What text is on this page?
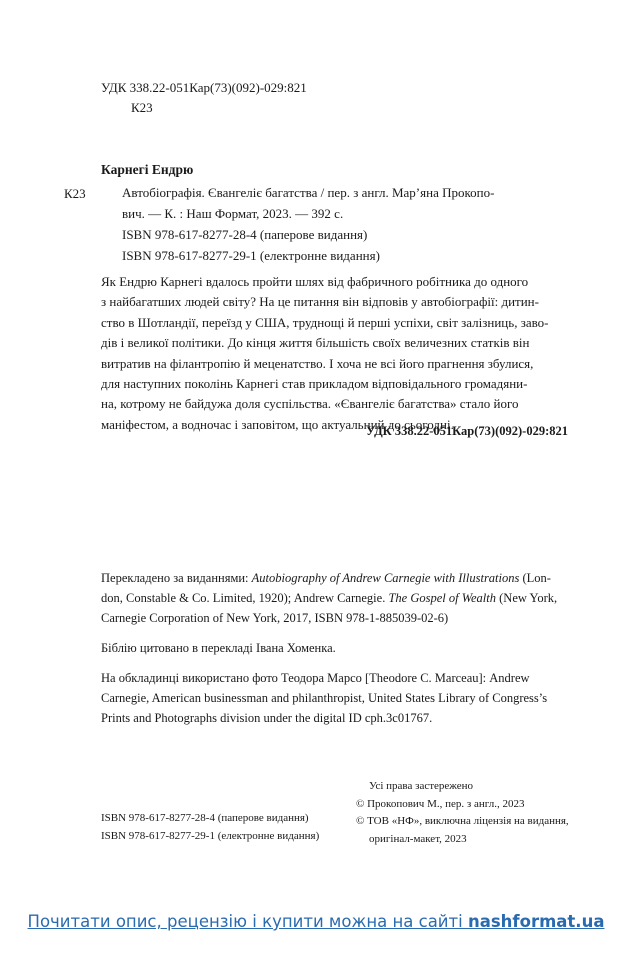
УДК 338.22-051Кар(73)(092)-029:821
К23
Карнегі Ендрю
К23	Автобіографія. Євангеліє багатства / пер. з англ. Мар’яна Прокопо-
вич. — К. : Наш Формат, 2023. — 392 с.
ISBN 978-617-8277-28-4 (паперове видання)
ISBN 978-617-8277-29-1 (електронне видання)
Як Ендрю Карнегі вдалось пройти шлях від фабричного робітника до одного
з найбагатших людей світу? На це питання він відповів у автобіографії: дитин-
ство в Шотландії, переїзд у США, труднощі й перші успіхи, світ залізниць, заво-
дів і великої політики. До кінця життя більшість своїх величезних статків він
витратив на філантропію й меценатство. І хоча не всі його прагнення збулися,
для наступних поколінь Карнегі став прикладом відповідального громадяни-
на, котрому не байдужа доля суспільства. «Євангеліє багатства» стало його
маніфестом, а водночас і заповітом, що актуальний до сьогодні.
УДК 338.22-051Кар(73)(092)-029:821
Перекладено за виданнями: Autobiography of Andrew Carnegie with Illustrations (Lon-
don, Constable & Co. Limited, 1920); Andrew Carnegie. The Gospel of Wealth (New York,
Carnegie Corporation of New York, 2017, ISBN 978-1-885039-02-6)
Біблію цитовано в перекладі Івана Хоменка.
На обкладинці використано фото Теодора Марсо [Theodore C. Marceau]: Andrew
Carnegie, American businessman and philanthropist, United States Library of Congress’s
Prints and Photographs division under the digital ID cph.3c01767.
Усі права застережено
© Прокопович М., пер. з англ., 2023
© ТОВ «НФ», виключна ліцензія на видання,
оригінал-макет, 2023
ISBN 978-617-8277-28-4 (паперове видання)
ISBN 978-617-8277-29-1 (електронне видання)
Почитати опис, рецензію і купити можна на сайті nashformat.ua
